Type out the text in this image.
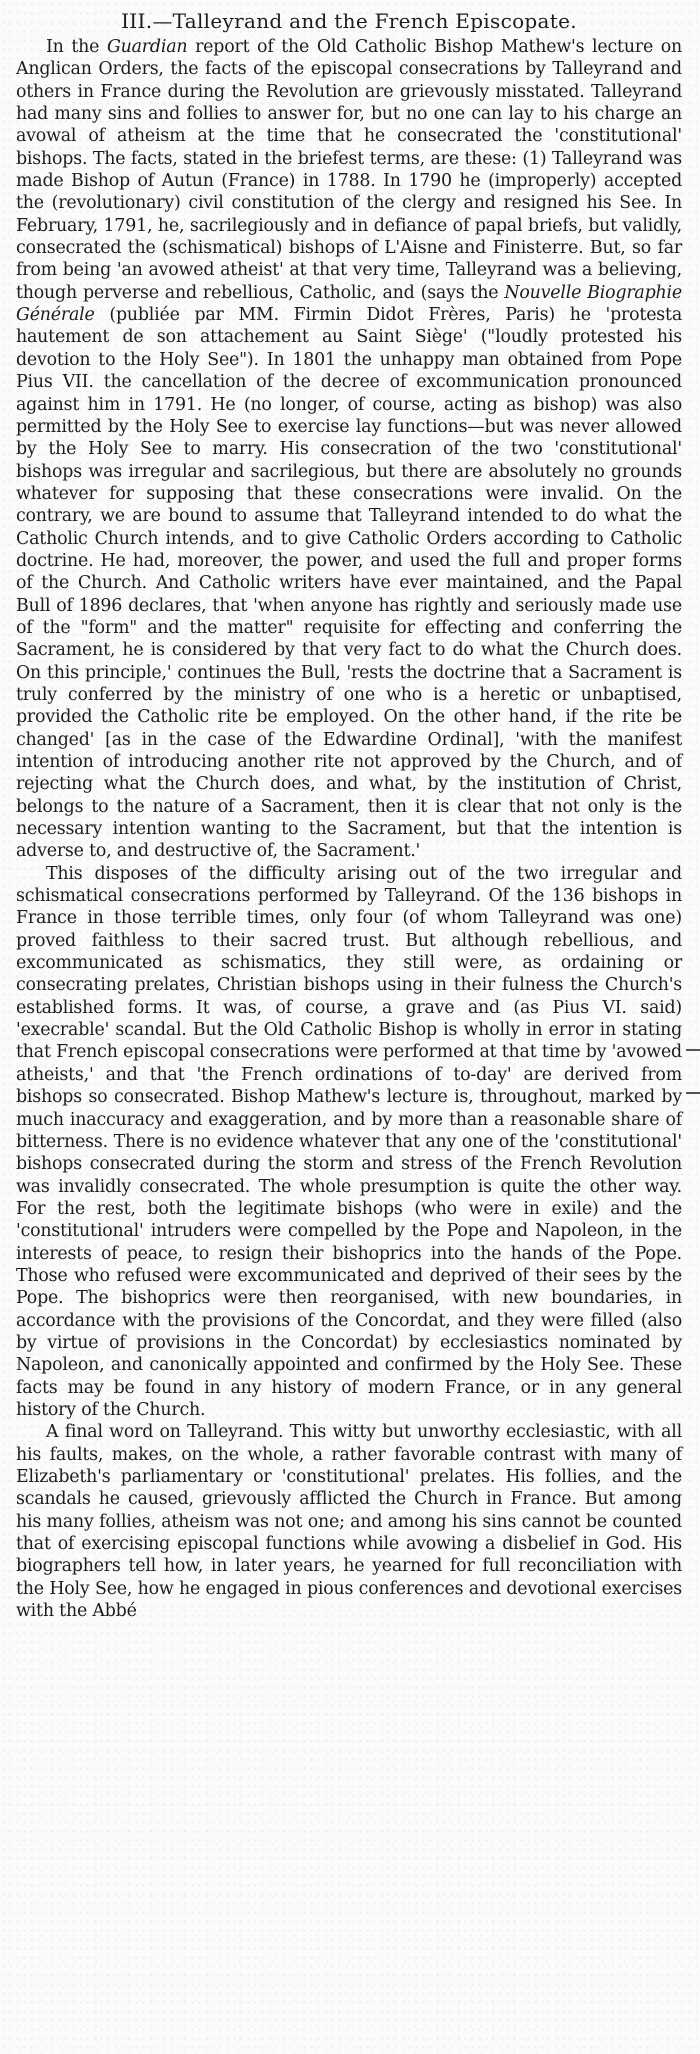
III.—Talleyrand and the French Episcopate.

In the Guardian report of the Old Catholic Bishop Mathew's lecture on Anglican Orders, the facts of the episcopal consecrations by Talleyrand and others in France during the Revolution are grievously misstated. Talleyrand had many sins and follies to answer for, but no one can lay to his charge an avowal of atheism at the time that he consecrated the 'constitutional' bishops. The facts, stated in the briefest terms, are these: (1) Talleyrand was made Bishop of Autun (France) in 1788. In 1790 he (improperly) accepted the (revolutionary) civil constitution of the clergy and resigned his See. In February, 1791, he, sacrilegiously and in defiance of papal briefs, but validly, consecrated the (schismatical) bishops of L'Aisne and Finisterre. But, so far from being 'an avowed atheist' at that very time, Talleyrand was a believing, though perverse and rebellious, Catholic, and (says the Nouvelle Biographie Générale (publiée par MM. Firmin Didot Frères, Paris) he 'protesta hautement de son attachement au Saint Siège' ("loudly protested his devotion to the Holy See"). In 1801 the unhappy man obtained from Pope Pius VII. the cancellation of the decree of excommunication pronounced against him in 1791. He (no longer, of course, acting as bishop) was also permitted by the Holy See to exercise lay functions—but was never allowed by the Holy See to marry. His consecration of the two 'constitutional' bishops was irregular and sacrilegious, but there are absolutely no grounds whatever for supposing that these consecrations were invalid. On the contrary, we are bound to assume that Talleyrand intended to do what the Catholic Church intends, and to give Catholic Orders according to Catholic doctrine. He had, moreover, the power, and used the full and proper forms of the Church. And Catholic writers have ever maintained, and the Papal Bull of 1896 declares, that 'when anyone has rightly and seriously made use of the "form" and the matter" requisite for effecting and conferring the Sacrament, he is considered by that very fact to do what the Church does. On this principle,' continues the Bull, 'rests the doctrine that a Sacrament is truly conferred by the ministry of one who is a heretic or unbaptised, provided the Catholic rite be employed. On the other hand, if the rite be changed' [as in the case of the Edwardine Ordinal], 'with the manifest intention of introducing another rite not approved by the Church, and of rejecting what the Church does, and what, by the institution of Christ, belongs to the nature of a Sacrament, then it is clear that not only is the necessary intention wanting to the Sacrament, but that the intention is adverse to, and destructive of, the Sacrament.'

This disposes of the difficulty arising out of the two irregular and schismatical consecrations performed by Talleyrand. Of the 136 bishops in France in those terrible times, only four (of whom Talleyrand was one) proved faithless to their sacred trust. But although rebellious, and excommunicated as schismatics, they still were, as ordaining or consecrating prelates, Christian bishops using in their fulness the Church's established forms. It was, of course, a grave and (as Pius VI. said) 'execrable' scandal. But the Old Catholic Bishop is wholly in error in stating that French episcopal consecrations were performed at that time by 'avowed atheists,' and that 'the French ordinations of to-day' are derived from bishops so consecrated. Bishop Mathew's lecture is, throughout, marked by much inaccuracy and exaggeration, and by more than a reasonable share of bitterness. There is no evidence whatever that any one of the 'constitutional' bishops consecrated during the storm and stress of the French Revolution was invalidly consecrated. The whole presumption is quite the other way. For the rest, both the legitimate bishops (who were in exile) and the 'constitutional' intruders were compelled by the Pope and Napoleon, in the interests of peace, to resign their bishoprics into the hands of the Pope. Those who refused were excommunicated and deprived of their sees by the Pope. The bishoprics were then reorganised, with new boundaries, in accordance with the provisions of the Concordat, and they were filled (also by virtue of provisions in the Concordat) by ecclesiastics nominated by Napoleon, and canonically appointed and confirmed by the Holy See. These facts may be found in any history of modern France, or in any general history of the Church.

A final word on Talleyrand. This witty but unworthy ecclesiastic, with all his faults, makes, on the whole, a rather favorable contrast with many of Elizabeth's parliamentary or 'constitutional' prelates. His follies, and the scandals he caused, grievously afflicted the Church in France. But among his many follies, atheism was not one; and among his sins cannot be counted that of exercising episcopal functions while avowing a disbelief in God. His biographers tell how, in later years, he yearned for full reconciliation with the Holy See, how he engaged in pious conferences and devotional exercises with the Abbé
